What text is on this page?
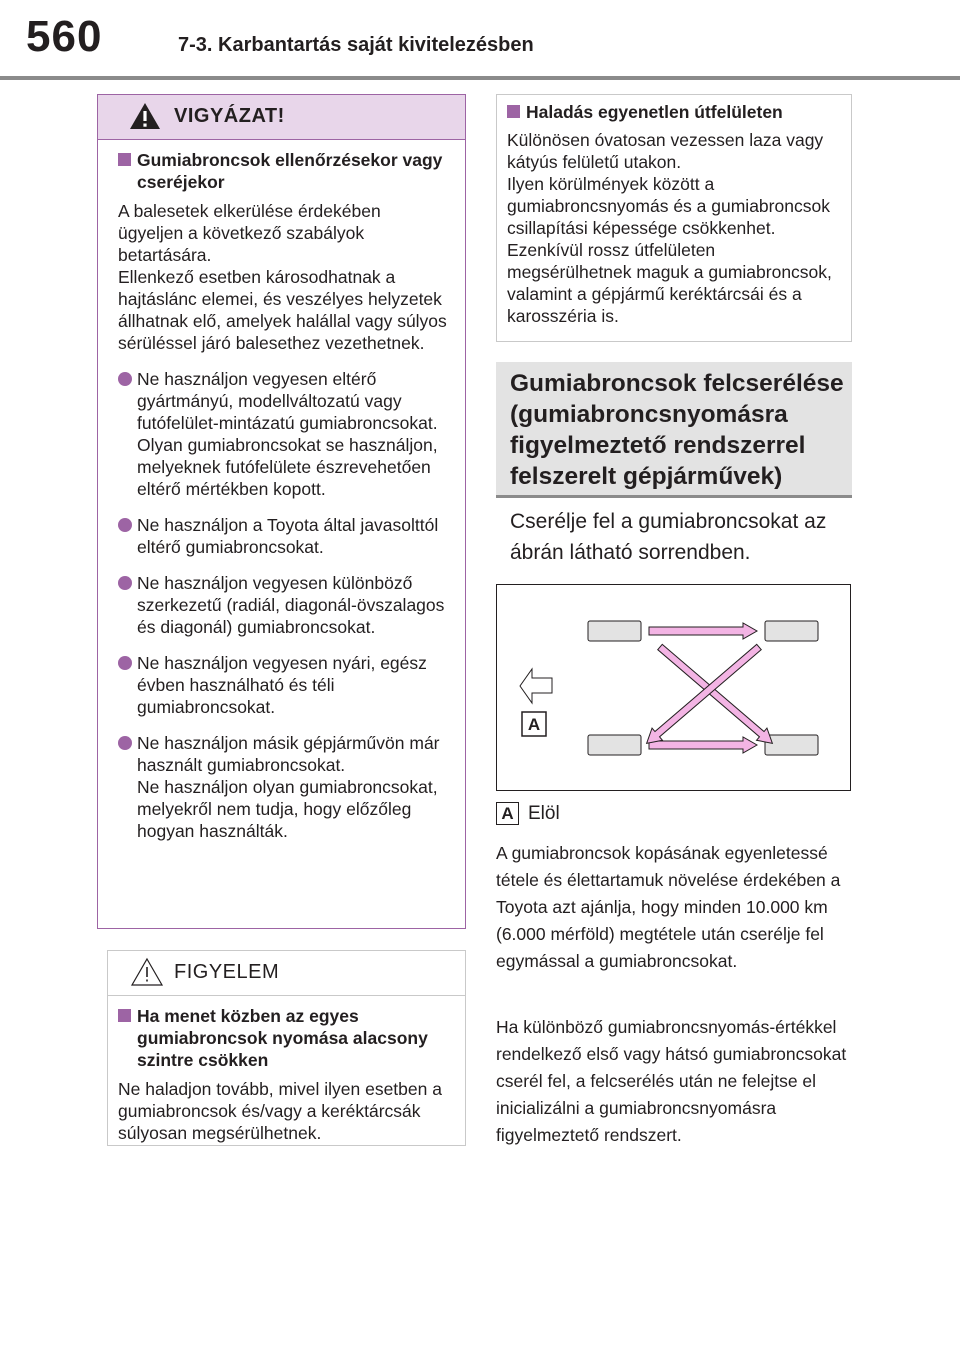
560	7-3. Karbantartás saját kivitelezésben
VIGYÁZAT!
Gumiabroncsok ellenőrzésekor vagy cseréjekor
A balesetek elkerülése érdekében ügyeljen a következő szabályok betartására.
Ellenkező esetben károsodhatnak a hajtáslánc elemei, és veszélyes helyzetek állhatnak elő, amelyek halállal vagy súlyos sérüléssel járó balesethez vezethetnek.
Ne használjon vegyesen eltérő gyártmányú, modellváltozatú vagy futófelület-mintázatú gumiabroncsokat.
Olyan gumiabroncsokat se használjon, melyeknek futófelülete észrevehetően eltérő mértékben kopott.
Ne használjon a Toyota által javasolttól eltérő gumiabroncsokat.
Ne használjon vegyesen különböző szerkezetű (radiál, diagonál-övszalagos és diagonál) gumiabroncsokat.
Ne használjon vegyesen nyári, egész évben használható és téli gumiabroncsokat.
Ne használjon másik gépjárművön már használt gumiabroncsokat.
Ne használjon olyan gumiabroncsokat, melyekről nem tudja, hogy előzőleg hogyan használták.
FIGYELEM
Ha menet közben az egyes gumiabroncsok nyomása alacsony szintre csökken
Ne haladjon tovább, mivel ilyen esetben a gumiabroncsok és/vagy a keréktárcsák súlyosan megsérülhetnek.
Haladás egyenetlen útfelületen
Különösen óvatosan vezessen laza vagy kátyús felületű utakon.
Ilyen körülmények között a gumiabroncsnyomás és a gumiabroncsok csillapítási képessége csökkenhet. Ezenkívül rossz útfelületen megsérülhetnek maguk a gumiabroncsok, valamint a gépjármű keréktárcsái és a karosszéria is.
Gumiabroncsok felcserélése (gumiabroncsnyomásra figyelmeztető rendszerrel felszerelt gépjárművek)
Cserélje fel a gumiabroncsokat az ábrán látható sorrendben.
A
A Elöl
A gumiabroncsok kopásának egyenletessé tétele és élettartamuk növelése érdekében a Toyota azt ajánlja, hogy minden 10.000 km (6.000 mérföld) megtétele után cserélje fel egymással a gumiabroncsokat.
Ha különböző gumiabroncsnyomás-értékkel rendelkező első vagy hátsó gumiabroncsokat cserél fel, a felcserélés után ne felejtse el inicializálni a gumiabroncsnyomásra figyelmeztető rendszert.
